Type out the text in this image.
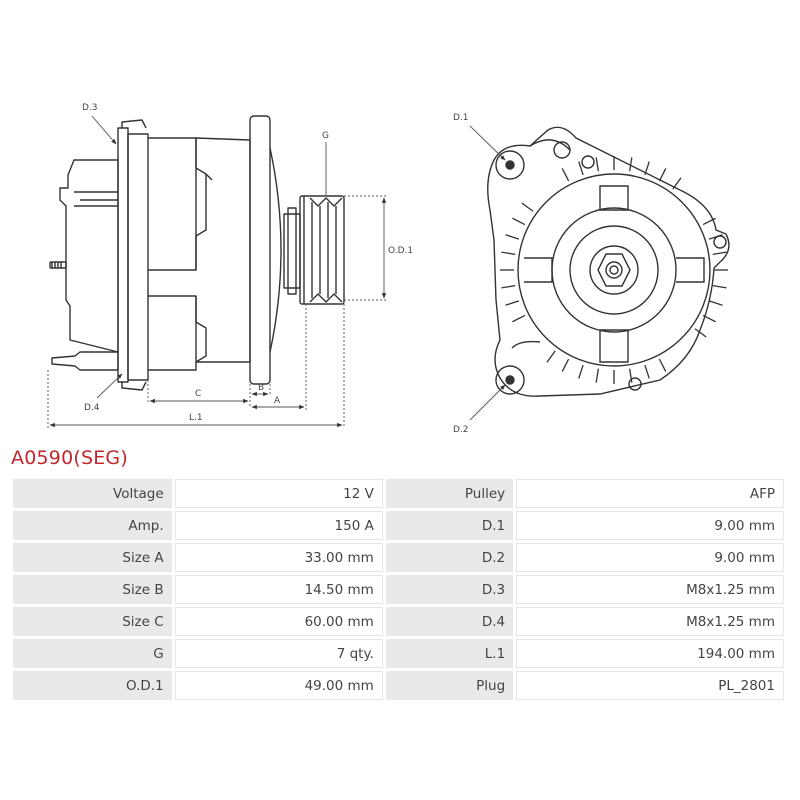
D.3
D.4
G
O.D.1
C
B
A
L.1
D.1
D.2
A0590(SEG)
Voltage	12 V	Pulley	AFP
Amp.	150 A	D.1	9.00 mm
Size A	33.00 mm	D.2	9.00 mm
Size B	14.50 mm	D.3	M8x1.25 mm
Size C	60.00 mm	D.4	M8x1.25 mm
G	7 qty.	L.1	194.00 mm
O.D.1	49.00 mm	Plug	PL_2801
